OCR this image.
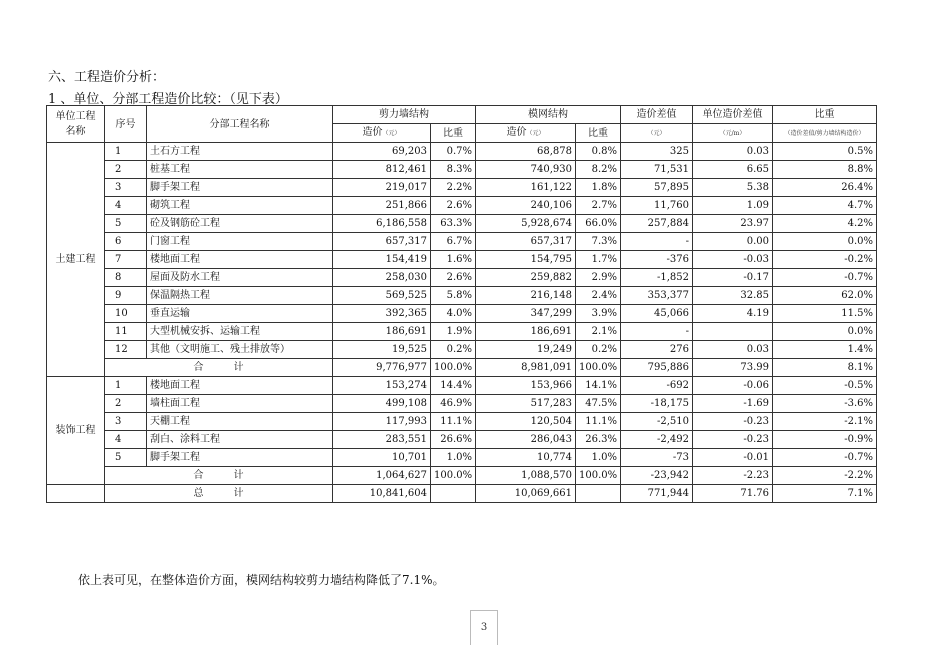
六、工程造价分析：
1 、单位、分部工程造价比较：（见下表）
单位工程
名称	序号	分部工程名称	剪力墙结构		模网结构		造价差值	单位造价差值	比重
			造价（元）	比重	造价（元）	比重	（元）	（元/m）	（造价差值/剪力墙结构造价）
土建工程	1	土石方工程	69,203	0.7%	68,878	0.8%	325	0.03	0.5%
	2	桩基工程	812,461	8.3%	740,930	8.2%	71,531	6.65	8.8%
	3	脚手架工程	219,017	2.2%	161,122	1.8%	57,895	5.38	26.4%
	4	砌筑工程	251,866	2.6%	240,106	2.7%	11,760	1.09	4.7%
	5	砼及钢筋砼工程	6,186,558	63.3%	5,928,674	66.0%	257,884	23.97	4.2%
	6	门窗工程	657,317	6.7%	657,317	7.3%	-	0.00	0.0%
	7	楼地面工程	154,419	1.6%	154,795	1.7%	-376	-0.03	-0.2%
	8	屋面及防水工程	258,030	2.6%	259,882	2.9%	-1,852	-0.17	-0.7%
	9	保温隔热工程	569,525	5.8%	216,148	2.4%	353,377	32.85	62.0%
	10	垂直运输	392,365	4.0%	347,299	3.9%	45,066	4.19	11.5%
	11	大型机械安拆、运输工程	186,691	1.9%	186,691	2.1%	-		0.0%
	12	其他（文明施工、残土排放等）	19,525	0.2%	19,249	0.2%	276	0.03	1.4%
	合　　　计		9,776,977	100.0%	8,981,091	100.0%	795,886	73.99	8.1%
装饰工程	1	楼地面工程	153,274	14.4%	153,966	14.1%	-692	-0.06	-0.5%
	2	墙柱面工程	499,108	46.9%	517,283	47.5%	-18,175	-1.69	-3.6%
	3	天棚工程	117,993	11.1%	120,504	11.1%	-2,510	-0.23	-2.1%
	4	刮白、涂料工程	283,551	26.6%	286,043	26.3%	-2,492	-0.23	-0.9%
	5	脚手架工程	10,701	1.0%	10,774	1.0%	-73	-0.01	-0.7%
	合　　　计		1,064,627	100.0%	1,088,570	100.0%	-23,942	-2.23	-2.2%
	总　　　计		10,841,604		10,069,661		771,944	71.76	7.1%
依上表可见，在整体造价方面，模网结构较剪力墙结构降低了7.1%。
3
